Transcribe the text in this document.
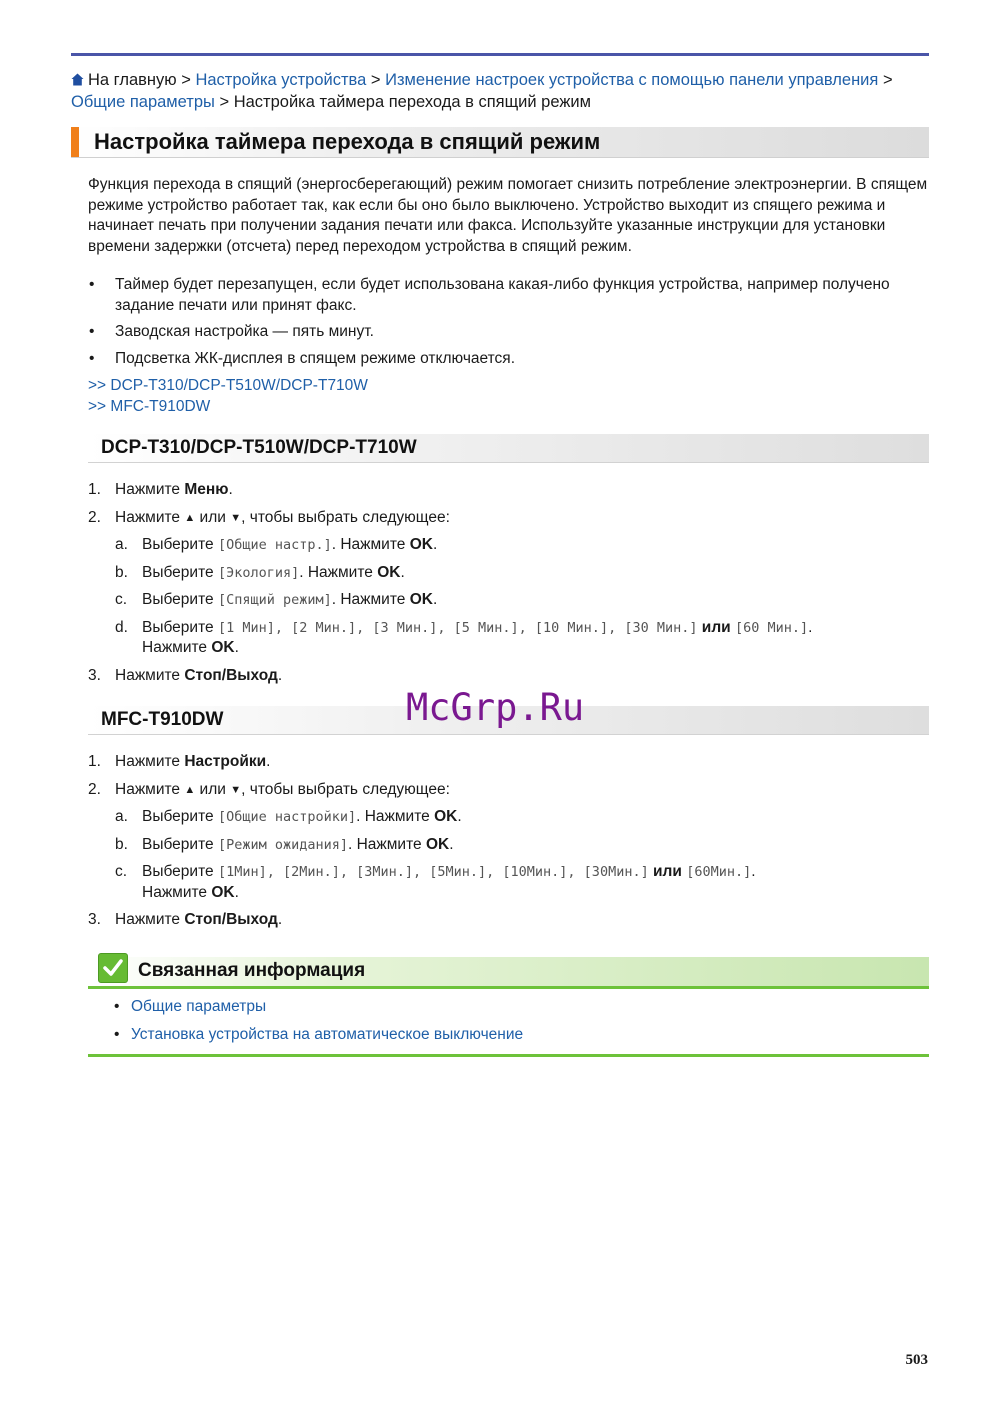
На главную > Настройка устройства > Изменение настроек устройства с помощью панели управления > Общие параметры > Настройка таймера перехода в спящий режим
Настройка таймера перехода в спящий режим
Функция перехода в спящий (энергосберегающий) режим помогает снизить потребление электроэнергии. В спящем режиме устройство работает так, как если бы оно было выключено. Устройство выходит из спящего режима и начинает печать при получении задания печати или факса. Используйте указанные инструкции для установки времени задержки (отсчета) перед переходом устройства в спящий режим.
• Таймер будет перезапущен, если будет использована какая-либо функция устройства, например получено задание печати или принят факс.
• Заводская настройка — пять минут.
• Подсветка ЖК-дисплея в спящем режиме отключается.
>> DCP-T310/DCP-T510W/DCP-T710W
>> MFC-T910DW
DCP-T310/DCP-T510W/DCP-T710W
1. Нажмите Меню.
2. Нажмите ▲ или ▼, чтобы выбрать следующее:
a. Выберите [Общие настр.]. Нажмите OK.
b. Выберите [Экология]. Нажмите OK.
c. Выберите [Спящий режим]. Нажмите OK.
d. Выберите [1 Мин], [2 Мин.], [3 Мин.], [5 Мин.], [10 Мин.], [30 Мин.] или [60 Мин.].
Нажмите OK.
3. Нажмите Стоп/Выход.
MFC-T910DW
1. Нажмите Настройки.
2. Нажмите ▲ или ▼, чтобы выбрать следующее:
a. Выберите [Общие настройки]. Нажмите OK.
b. Выберите [Режим ожидания]. Нажмите OK.
c. Выберите [1Мин], [2Мин.], [3Мин.], [5Мин.], [10Мин.], [30Мин.] или [60Мин.].
Нажмите OK.
3. Нажмите Стоп/Выход.
McGrp.Ru
Связанная информация
• Общие параметры
• Установка устройства на автоматическое выключение
503
